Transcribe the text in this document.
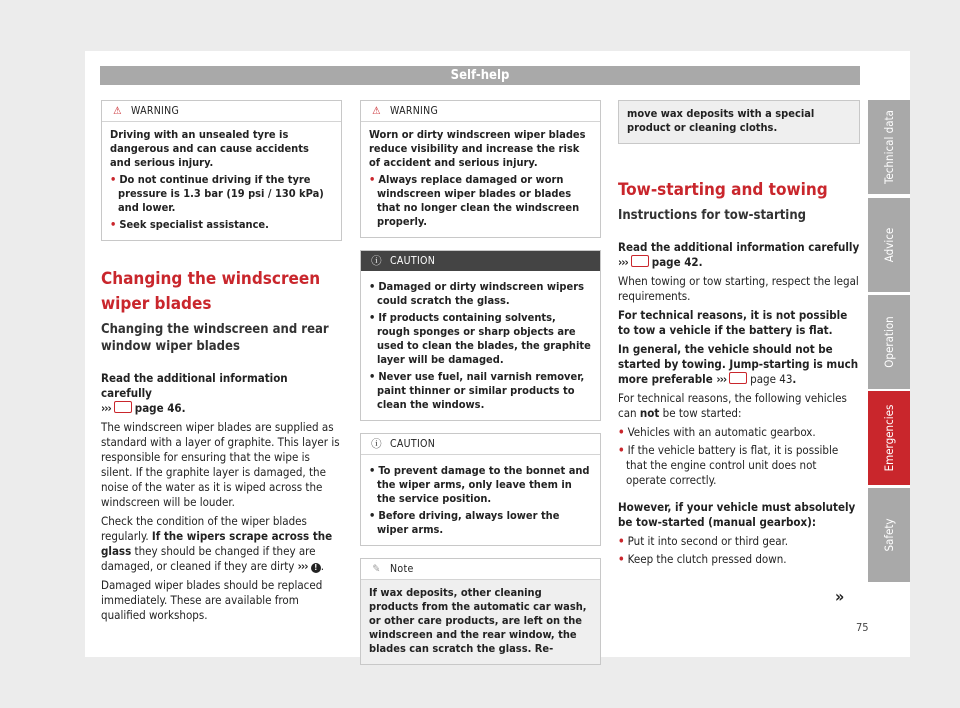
Self-help
⚠ WARNING
Driving with an unsealed tyre is dangerous and can cause accidents and serious injury.
• Do not continue driving if the tyre pressure is 1.3 bar (19 psi / 130 kPa) and lower.
• Seek specialist assistance.
Changing the windscreen wiper blades
Changing the windscreen and rear window wiper blades

Read the additional information carefully
››› page 46.

The windscreen wiper blades are supplied as standard with a layer of graphite. This layer is responsible for ensuring that the wipe is silent. If the graphite layer is damaged, the noise of the water as it is wiped across the windscreen will be louder.

Check the condition of the wiper blades regularly. If the wipers scrape across the glass they should be changed if they are damaged, or cleaned if they are dirty ››› ! .

Damaged wiper blades should be replaced immediately. These are available from qualified workshops.

⚠ WARNING
Worn or dirty windscreen wiper blades reduce visibility and increase the risk of accident and serious injury.
• Always replace damaged or worn windscreen wiper blades or blades that no longer clean the windscreen properly.
ⓘ CAUTION
• Damaged or dirty windscreen wipers could scratch the glass.
• If products containing solvents, rough sponges or sharp objects are used to clean the blades, the graphite layer will be damaged.
• Never use fuel, nail varnish remover, paint thinner or similar products to clean the windows.
ⓘ CAUTION
• To prevent damage to the bonnet and the wiper arms, only leave them in the service position.
• Before driving, always lower the wiper arms.
✎ Note
If wax deposits, other cleaning products from the automatic car wash, or other care products, are left on the windscreen and the rear window, the blades can scratch the glass. Re-
move wax deposits with a special product or cleaning cloths.
Tow-starting and towing
Instructions for tow-starting

Read the additional information carefully
››› page 42.

When towing or tow starting, respect the legal requirements.

For technical reasons, it is not possible to tow a vehicle if the battery is flat.

In general, the vehicle should not be started by towing. Jump-starting is much more preferable ››› page 43.

For technical reasons, the following vehicles can not be tow started:

• Vehicles with an automatic gearbox.
• If the vehicle battery is flat, it is possible that the engine control unit does not operate correctly.

However, if your vehicle must absolutely be tow-started (manual gearbox):

• Put it into second or third gear.
• Keep the clutch pressed down.
»
Technical data
Advice
Operation
Emergencies
Safety
75
